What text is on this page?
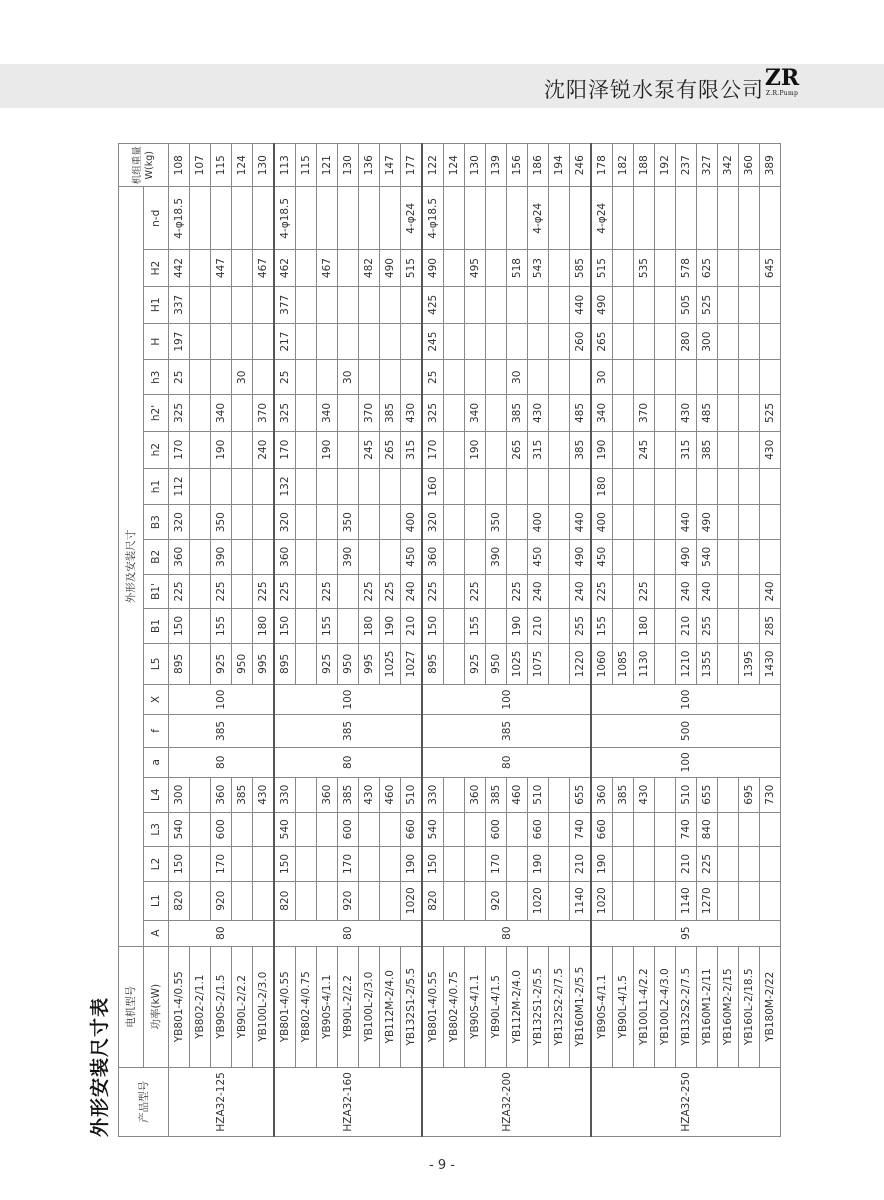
沈阳泽锐水泵有限公司 ZR
Z.R.Pump
外形安装尺寸表	产品型号	电机型号	外形及安装尺寸																					机组重量W(kg)
	功率(kW)	A	L1	L2	L3	L4	a	f	X	L5	B1	B1'	B2	B3	h1	h2	h2'	h3	H	H1	H2	n-d	
HZA32-125	YB801-4/0.55	80	820	150	540	300	80	385	100	895	150	225	360	320	112	170	325	25	197	337	442	4-φ18.5	108
	YB802-2/1.1																						107
	YB90S-2/1.5		920	170	600	360				925	155	225	390	350		190	340				447		115
	YB90L-2/2.2					385				950								30					124
	YB100L-2/3.0					430				995	180	225				240	370				467		130
HZA32-160	YB801-4/0.55	80	820	150	540	330	80	385	100	895	150	225	360	320	132	170	325	25	217	377	462	4-φ18.5	113
	YB802-4/0.75																						115
	YB90S-4/1.1					360				925	155	225				190	340				467		121
	YB90L-2/2.2		920	170	600	385				950			390	350				30					130
	YB100L-2/3.0					430				995	180	225				245	370				482		136
	YB112M-2/4.0					460				1025	190	225				265	385				490		147
	YB132S1-2/5.5		1020	190	660	510				1027	210	240	450	400		315	430				515	4-φ24	177
HZA32-200	YB801-4/0.55	80	820	150	540	330	80	385	100	895	150	225	360	320	160	170	325	25	245	425	490	4-φ18.5	122
	YB802-4/0.75																						124
	YB90S-4/1.1					360				925	155	225				190	340				495		130
	YB90L-4/1.5		920	170	600	385				950			390	350									139
	YB112M-2/4.0					460				1025	190	225				265	385	30			518		156
	YB132S1-2/5.5		1020	190	660	510				1075	210	240	450	400		315	430				543	4-φ24	186
	YB132S2-2/7.5																						194
	YB160M1-2/5.5		1140	210	740	655				1220	255	240	490	440		385	485		260	440	585		246
HZA32-250	YB90S-4/1.1	95	1020	190	660	360	100	500	100	1060	155	225	450	400	180	190	340	30	265	490	515	4-φ24	178
	YB90L-4/1.5					385				1085													182
	YB100L1-4/2.2					430				1130	180	225				245	370				535		188
	YB100L2-4/3.0																						192
	YB132S2-2/7.5		1140	210	740	510				1210	210	240	490	440		315	430		280	505	578		237
	YB160M1-2/11		1270	225	840	655				1355	255	240	540	490		385	485		300	525	625		327
	YB160M2-2/15																						342
	YB160L-2/18.5					695				1395													360
	YB180M-2/22					730				1430	285	240				430	525				645		389
- 9 -
